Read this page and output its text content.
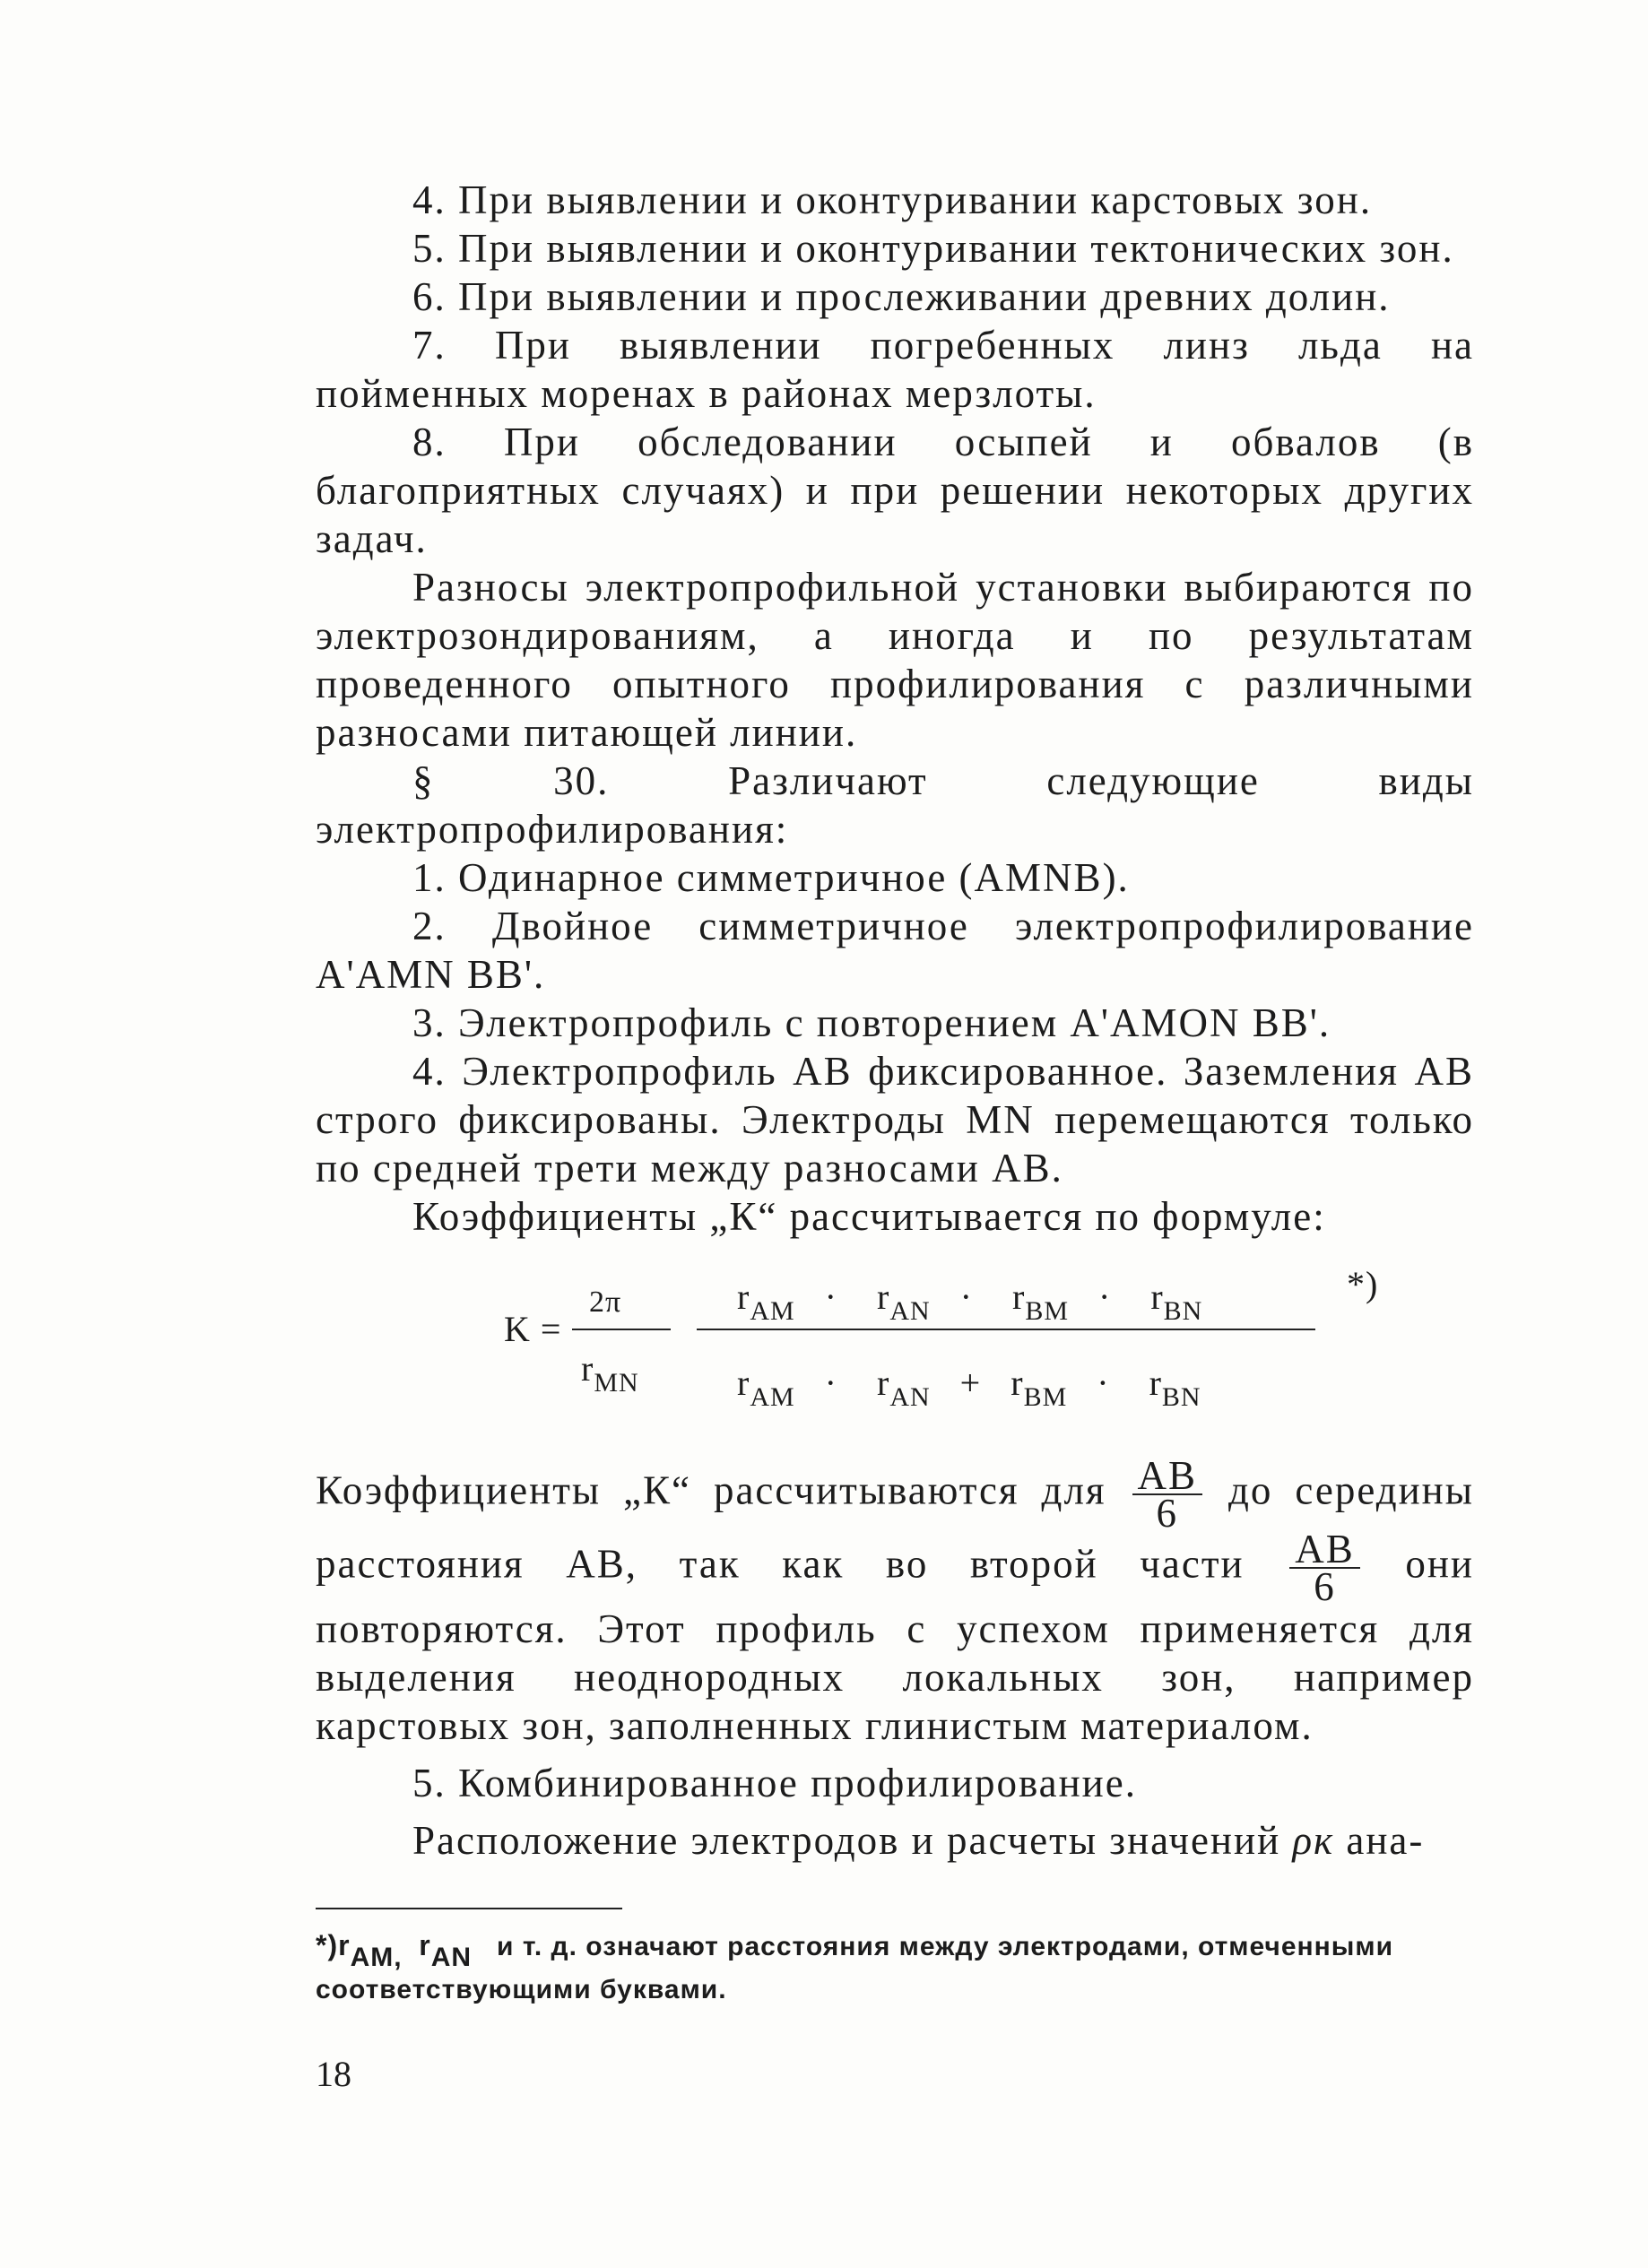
4. При выявлении и оконтуривании карстовых зон.

5. При выявлении и оконтуривании тектонических зон.

6. При выявлении и прослеживании древних долин.

7. При выявлении погребенных линз льда на пойменных моренах в районах мерзлоты.

8. При обследовании осыпей и обвалов (в благоприятных случаях) и при решении некоторых других задач.

Разносы электропрофильной установки выбираются по электрозондированиям, а иногда и по результатам проведенного опытного профилирования с различными разносами питающей линии.

§ 30. Различают следующие виды электропрофилирования:

1. Одинарное симметричное (AMNB).

2. Двойное симметричное электропрофилирование A'AMN BB'.

3. Электропрофиль с повторением A'AMON BB'.

4. Электропрофиль AB фиксированное. Заземления AB строго фиксированы. Электроды MN перемещаются только по средней трети между разносами AB.

Коэффициенты „К“ рассчитывается по формуле:

K =
2π
$r_{MN}$
$r_{AM} \cdot r_{AN} \cdot r_{BM} \cdot r_{BN}$
$r_{AM} \cdot r_{AN} + r_{BM} \cdot r_{BN}$
*)

Коэффициенты „К“ рассчитываются для $\frac{AB}{6}$ до середины расстояния AB, так как во второй части $\frac{AB}{6}$ они повторяются. Этот профиль с успехом применяется для выделения неоднородных локальных зон, например карстовых зон, заполненных глинистым материалом.

5. Комбинированное профилирование.

Расположение электродов и расчеты значений ρк ана-

*)rAM, rAN и т. д. означают расстояния между электродами, отмеченными соответствующими буквами.
18
